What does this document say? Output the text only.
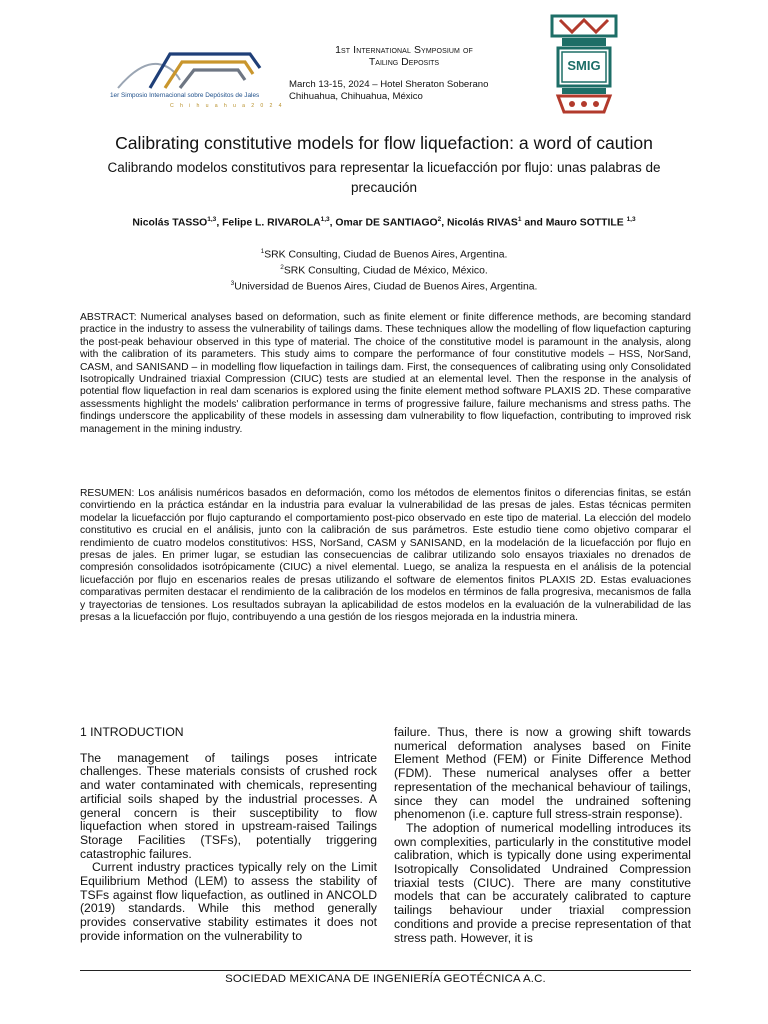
1er Simposio Internacional sobre Depósitos de Jales
C h i h u a h u a 2 0 2 4
1st International Symposium of
Tailing Deposits
March 13-15, 2024 – Hotel Sheraton Soberano
Chihuahua, Chihuahua, México
SMIG
Calibrating constitutive models for flow liquefaction: a word of caution
Calibrando modelos constitutivos para representar la licuefacción por flujo: unas palabras de precaución
Nicolás TASSO$^{1,3}$, Felipe L. RIVAROLA$^{1,3}$, Omar DE SANTIAGO$^2$, Nicolás RIVAS$^1$ and Mauro SOTTILE $^{1,3}$
$^1$SRK Consulting, Ciudad de Buenos Aires, Argentina.
$^2$SRK Consulting, Ciudad de México, México.
$^3$Universidad de Buenos Aires, Ciudad de Buenos Aires, Argentina.
ABSTRACT: Numerical analyses based on deformation, such as finite element or finite difference methods, are becoming standard practice in the industry to assess the vulnerability of tailings dams. These techniques allow the modelling of flow liquefaction capturing the post-peak behaviour observed in this type of material. The choice of the constitutive model is paramount in the analysis, along with the calibration of its parameters. This study aims to compare the performance of four constitutive models – HSS, NorSand, CASM, and SANISAND – in modelling flow liquefaction in tailings dam. First, the consequences of calibrating using only Consolidated Isotropically Undrained triaxial Compression (CIUC) tests are studied at an elemental level. Then the response in the analysis of potential flow liquefaction in real dam scenarios is explored using the finite element method software PLAXIS 2D. These comparative assessments highlight the models' calibration performance in terms of progressive failure, failure mechanisms and stress paths. The findings underscore the applicability of these models in assessing dam vulnerability to flow liquefaction, contributing to improved risk management in the mining industry.
RESUMEN: Los análisis numéricos basados en deformación, como los métodos de elementos finitos o diferencias finitas, se están convirtiendo en la práctica estándar en la industria para evaluar la vulnerabilidad de las presas de jales. Estas técnicas permiten modelar la licuefacción por flujo capturando el comportamiento post-pico observado en este tipo de material. La elección del modelo constitutivo es crucial en el análisis, junto con la calibración de sus parámetros. Este estudio tiene como objetivo comparar el rendimiento de cuatro modelos constitutivos: HSS, NorSand, CASM y SANISAND, en la modelación de la licuefacción por flujo en presas de jales. En primer lugar, se estudian las consecuencias de calibrar utilizando solo ensayos triaxiales no drenados de compresión consolidados isotrópicamente (CIUC) a nivel elemental. Luego, se analiza la respuesta en el análisis de la potencial licuefacción por flujo en escenarios reales de presas utilizando el software de elementos finitos PLAXIS 2D. Estas evaluaciones comparativas permiten destacar el rendimiento de la calibración de los modelos en términos de falla progresiva, mecanismos de falla y trayectorias de tensiones. Los resultados subrayan la aplicabilidad de estos modelos en la evaluación de la vulnerabilidad de las presas a la licuefacción por flujo, contribuyendo a una gestión de los riesgos mejorada en la industria minera.

1 INTRODUCTION

The management of tailings poses intricate challenges. These materials consists of crushed rock and water contaminated with chemicals, representing artificial soils shaped by the industrial processes. A general concern is their susceptibility to flow liquefaction when stored in upstream-raised Tailings Storage Facilities (TSFs), potentially triggering catastrophic failures.

Current industry practices typically rely on the Limit Equilibrium Method (LEM) to assess the stability of TSFs against flow liquefaction, as outlined in ANCOLD (2019) standards. While this method generally provides conservative stability estimates it does not provide information on the vulnerability to

failure. Thus, there is now a growing shift towards numerical deformation analyses based on Finite Element Method (FEM) or Finite Difference Method (FDM). These numerical analyses offer a better representation of the mechanical behaviour of tailings, since they can model the undrained softening phenomenon (i.e. capture full stress-strain response).

The adoption of numerical modelling introduces its own complexities, particularly in the constitutive model calibration, which is typically done using experimental Isotropically Consolidated Undrained Compression triaxial tests (CIUC). There are many constitutive models that can be accurately calibrated to capture tailings behaviour under triaxial compression conditions and provide a precise representation of that stress path. However, it is

SOCIEDAD MEXICANA DE INGENIERÍA GEOTÉCNICA A.C.
